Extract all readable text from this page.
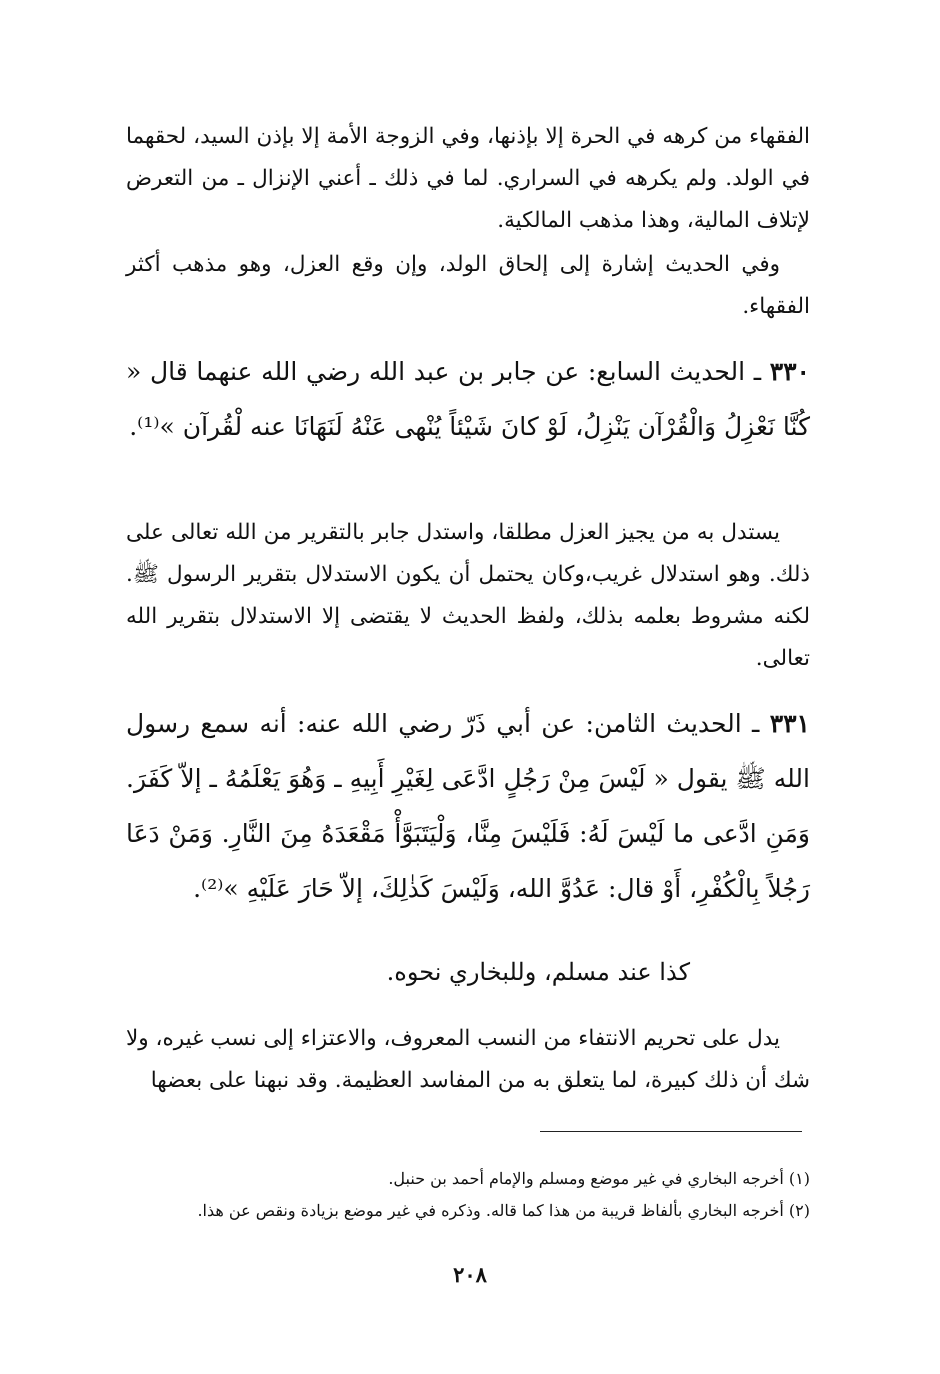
الفقهاء من كرهه في الحرة إلا بإذنها، وفي الزوجة الأمة إلا بإذن السيد، لحقهما في الولد. ولم يكرهه في السراري. لما في ذلك ـ أعني الإنزال ـ من التعرض لإتلاف المالية، وهذا مذهب المالكية.

وفي الحديث إشارة إلى إلحاق الولد، وإن وقع العزل، وهو مذهب أكثر الفقهاء.

٣٣٠ ـ الحديث السابع: عن جابر بن عبد الله رضي الله عنهما قال « كُنَّا نَعْزِلُ وَالْقُرْآن يَنْزِلُ، لَوْ كانَ شَيْئاً يُنْهى عَنْهُ لَنَهَانَا عنه لْقُرآن »⁽¹⁾.

يستدل به من يجيز العزل مطلقا، واستدل جابر بالتقرير من الله تعالى على ذلك. وهو استدلال غريب،وكان يحتمل أن يكون الاستدلال بتقرير الرسول ﷺ. لكنه مشروط بعلمه بذلك، ولفظ الحديث لا يقتضى إلا الاستدلال بتقرير الله تعالى.

٣٣١ ـ الحديث الثامن: عن أبي ذَرّ رضي الله عنه: أنه سمع رسول الله ﷺ يقول « لَيْسَ مِنْ رَجُلٍ ادَّعَى لِغَيْرِ أَبِيهِ ـ وَهُوَ يَعْلَمُهُ ـ إلاّ كَفَرَ. وَمَنِ ادَّعى ما لَيْسَ لَهُ: فَلَيْسَ مِنَّا، وَلْيَتَبَوَّأْ مَقْعَدَهُ مِنَ النَّارِ. وَمَنْ دَعَا رَجُلاً بِالْكُفْرِ، أَوْ قال: عَدُوَّ الله، وَلَيْسَ كَذٰلِكَ، إلاّ حَارَ عَلَيْهِ »⁽²⁾.

كذا عند مسلم، وللبخاري نحوه.

يدل على تحريم الانتفاء من النسب المعروف، والاعتزاء إلى نسب غيره، ولا شك أن ذلك كبيرة، لما يتعلق به من المفاسد العظيمة. وقد نبهنا على بعضها

(١) أخرجه البخاري في غير موضع ومسلم والإمام أحمد بن حنبل.
(٢) أخرجه البخاري بألفاظ قريبة من هذا كما قاله. وذكره في غير موضع بزيادة ونقص عن هذا.
٢٠٨
